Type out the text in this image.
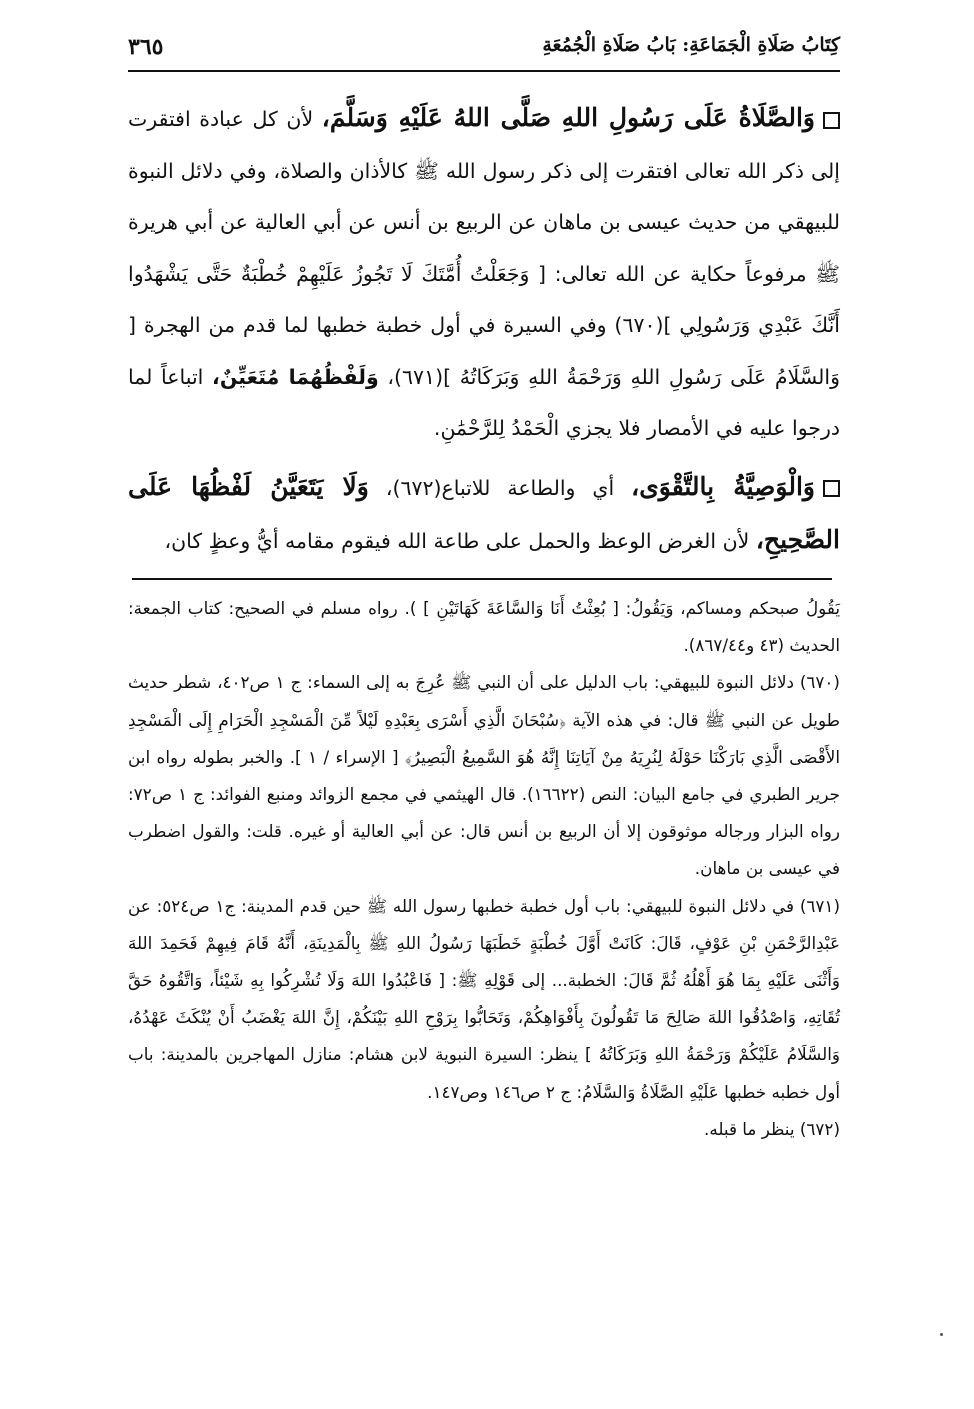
كِتَابُ صَلَاةِ الْجَمَاعَةِ: بَابُ صَلَاةِ الْجُمُعَةِ
٣٦٥

وَالصَّلَاةُ عَلَى رَسُولِ اللهِ صَلَّى اللهُ عَلَيْهِ وَسَلَّمَ، لأن كل عبادة افتقرت إلى ذكر الله تعالى افتقرت إلى ذكر رسول الله ﷺ كالأذان والصلاة، وفي دلائل النبوة للبيهقي من حديث عيسى بن ماهان عن الربيع بن أنس عن أبي العالية عن أبي هريرة ﷺ مرفوعاً حكاية عن الله تعالى: [ وَجَعَلْتُ أُمَّتَكَ لَا تَجُوزُ عَلَيْهِمْ خُطْبَةٌ حَتَّى يَشْهَدُوا أَنَّكَ عَبْدِي وَرَسُولِي ](٦٧٠) وفي السيرة في أول خطبة خطبها لما قدم من الهجرة [ وَالسَّلَامُ عَلَى رَسُولِ اللهِ وَرَحْمَةُ اللهِ وَبَرَكَاتُهُ ](٦٧١)، وَلَفْظُهُمَا مُتَعَيِّنٌ، اتباعاً لما درجوا عليه في الأمصار فلا يجزي الْحَمْدُ لِلرَّحْمَٰنِ.

وَالْوَصِيَّةُ بِالتَّقْوَى، أي والطاعة للاتباع(٦٧٢)، وَلَا يَتَعَيَّنُ لَفْظُهَا عَلَى الصَّحِيحِ، لأن الغرض الوعظ والحمل على طاعة الله فيقوم مقامه أيُّ وعظٍ كان،

يَقُولُ صبحكم ومساكم، وَيَقُولُ: [ بُعِثْتُ أَنَا وَالسَّاعَةَ كَهَاتَيْنِ ] ). رواه مسلم في الصحيح: كتاب الجمعة: الحديث (٤٣ و٨٦٧/٤٤).

(٦٧٠) دلائل النبوة للبيهقي: باب الدليل على أن النبي ﷺ عُرِجَ به إلى السماء: ج ١ ص٤٠٢، شطر حديث طويل عن النبي ﷺ قال: في هذه الآية ﴿سُبْحَانَ الَّذِي أَسْرَى بِعَبْدِهِ لَيْلاً مِّنَ الْمَسْجِدِ الْحَرَامِ إِلَى الْمَسْجِدِ الأَقْصَى الَّذِي بَارَكْنَا حَوْلَهُ لِنُرِيَهُ مِنْ آيَاتِنَا إِنَّهُ هُوَ السَّمِيعُ الْبَصِيرُ﴾ [ الإسراء / ١ ]. والخبر بطوله رواه ابن جرير الطبري في جامع البيان: النص (١٦٦٢٢). قال الهيثمي في مجمع الزوائد ومنبع الفوائد: ج ١ ص٧٢: رواه البزار ورجاله موثوقون إلا أن الربيع بن أنس قال: عن أبي العالية أو غيره. قلت: والقول اضطرب في عيسى بن ماهان.

(٦٧١) في دلائل النبوة للبيهقي: باب أول خطبة خطبها رسول الله ﷺ حين قدم المدينة: ج١ ص٥٢٤: عن عَبْدِالرَّحْمَنِ بْنِ عَوْفٍ، قَالَ: كَانَتْ أَوَّلَ خُطْبَةٍ خَطَبَهَا رَسُولُ اللهِ ﷺ بِالْمَدِينَةِ، أَنَّهُ قَامَ فِيهِمْ فَحَمِدَ اللهَ وَأَثْنَى عَلَيْهِ بِمَا هُوَ أَهْلُهُ ثُمَّ قَالَ: الخطبة... إلى قَوْلِهِ ﷺ: [ فَاعْبُدُوا اللهَ وَلَا تُشْرِكُوا بِهِ شَيْئاً، وَاتَّقُوهُ حَقَّ تُقَاتِهِ، وَاصْدُقُوا اللهَ صَالِحَ مَا تَقُولُونَ بِأَفْوَاهِكُمْ، وَتَحَابُّوا بِرَوْحِ اللهِ بَيْنَكُمْ، إِنَّ اللهَ يَغْضَبُ أَنْ يُنْكَثَ عَهْدُهُ، وَالسَّلَامُ عَلَيْكُمْ وَرَحْمَةُ اللهِ وَبَرَكَاتُهُ ] ينظر: السيرة النبوية لابن هشام: منازل المهاجرين بالمدينة: باب أول خطبه خطبها عَلَيْهِ الصَّلَاةُ وَالسَّلَامُ: ج ٢ ص١٤٦ وص١٤٧.

(٦٧٢) ينظر ما قبله.
